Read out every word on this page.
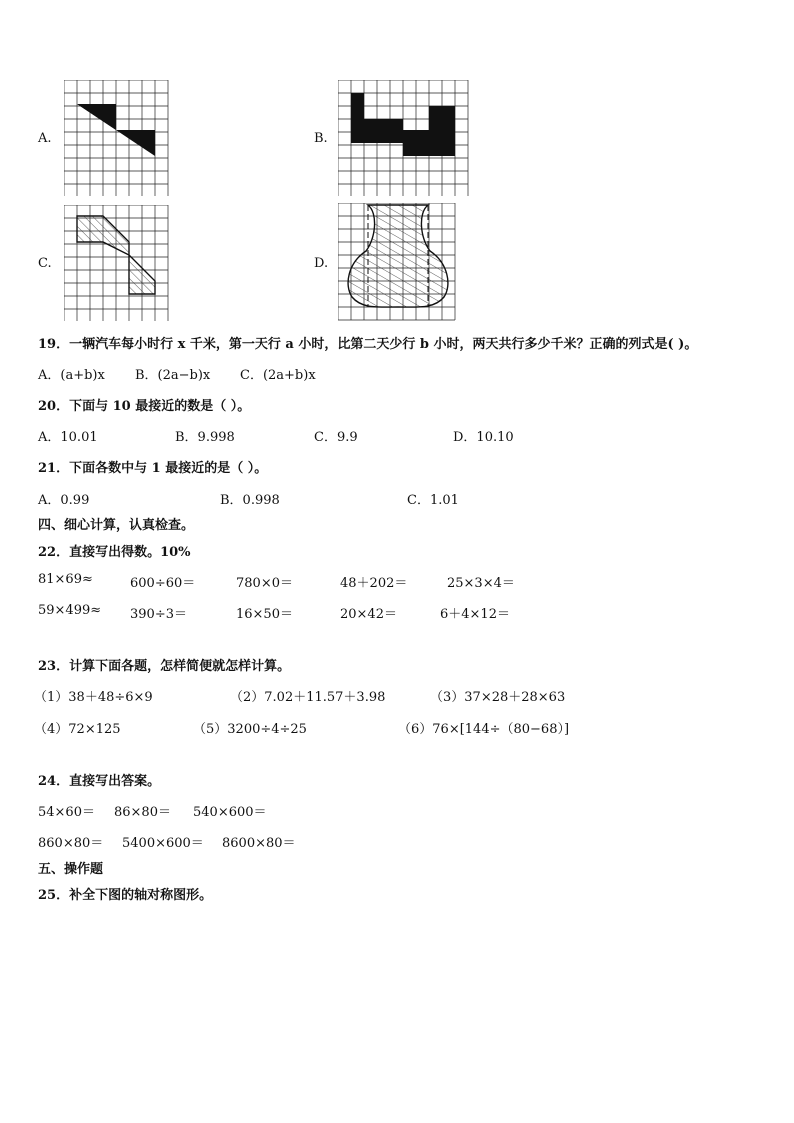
A.	B.
C.	D.
19．一辆汽车每小时行 x 千米，第一天行 a 小时，比第二天少行 b 小时，两天共行多少千米？正确的列式是( )。
A．(a+b)x B．(2a−b)x C．(2a+b)x
20．下面与 10 最接近的数是（ ）。
A．10.01	B．9.998	C．9.9	D．10.10
21．下面各数中与 1 最接近的是（ ）。
A．0.99	B．0.998	C．1.01
四、细心计算，认真检查。
22．直接写出得数。10%
81×69≈	600÷60＝	780×0＝	48＋202＝	25×3×4＝
59×499≈ 390÷3＝	16×50＝	20×42＝	6＋4×12＝
23．计算下面各题，怎样简便就怎样计算。
（1）38＋48÷6×9	（2）7.02＋11.57＋3.98	（3）37×28＋28×63
（4）72×125	（5）3200÷4÷25	（6）76×[144÷（80−68）]
24．直接写出答案。
54×60＝ 86×80＝ 540×600＝
860×80＝ 5400×600＝ 8600×80＝
五、操作题
25．补全下图的轴对称图形。
